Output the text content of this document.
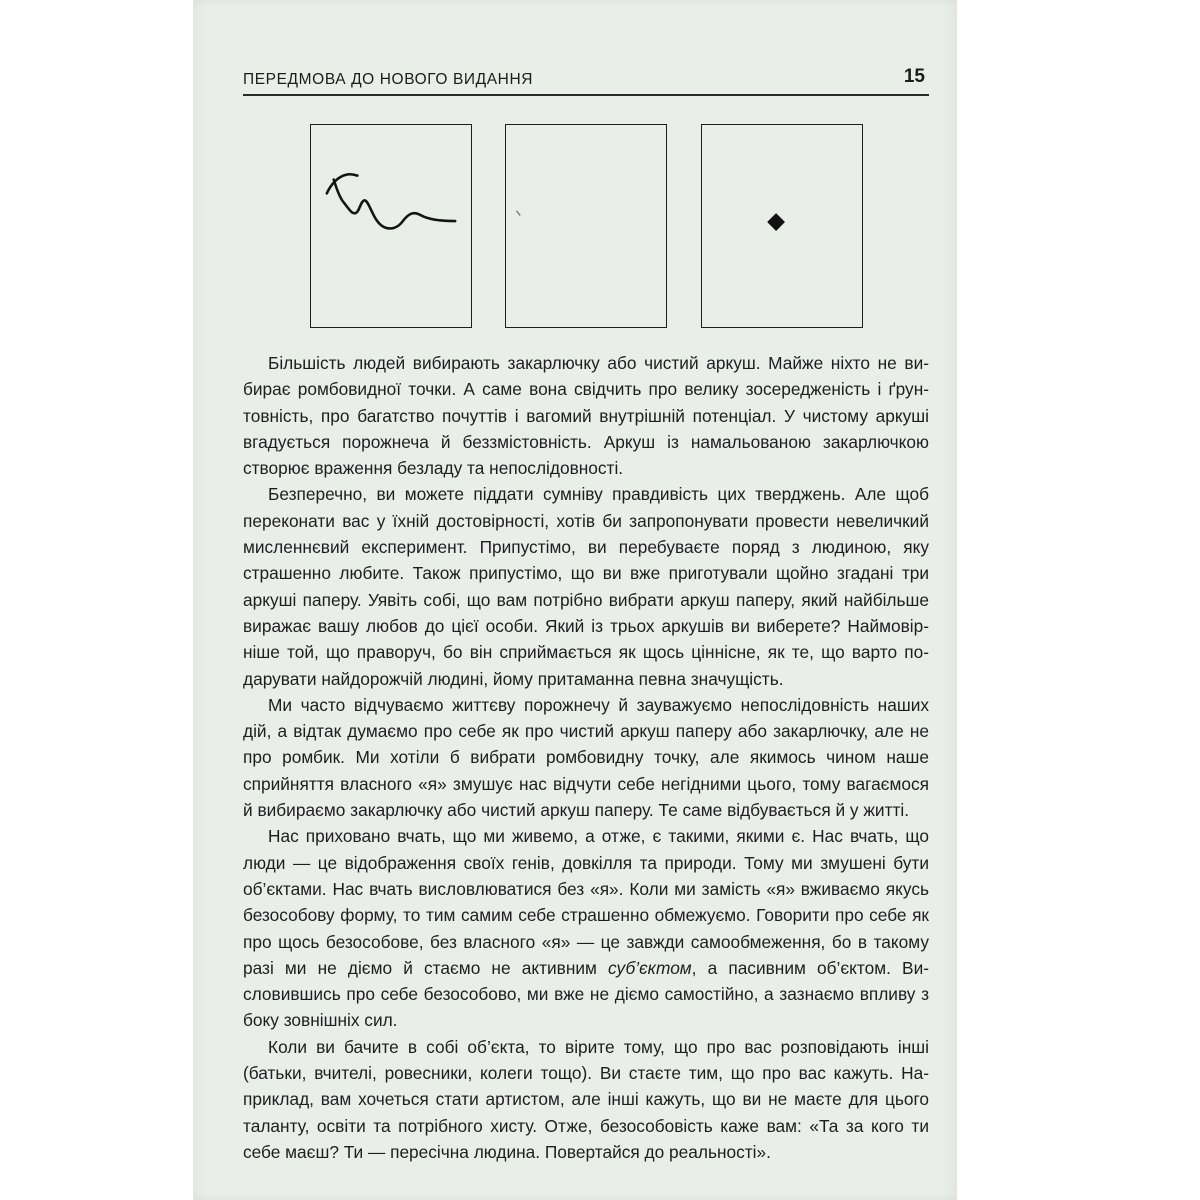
ПЕРЕДМОВА ДО НОВОГО ВИДАННЯ	15

Більшість людей вибирають закарлючку або чистий аркуш. Майже ніхто не вибирає ромбовидної точки. А саме вона свідчить про велику зосередженість і ґрунтовність, про багатство почуттів і вагомий внутрішній потенціал. У чистому аркуші вгадується порожнеча й беззмістовність. Аркуш із намальованою закарлючкою створює враження безладу та непослідовності.

Безперечно, ви можете піддати сумніву правдивість цих тверджень. Але щоб переконати вас у їхній достовірності, хотів би запропонувати провести невеличкий мисленнєвий експеримент. Припустімо, ви перебуваєте поряд з людиною, яку страшенно любите. Також припустімо, що ви вже приготували щойно згадані три аркуші паперу. Уявіть собі, що вам потрібно вибрати аркуш паперу, який найбільше виражає вашу любов до цієї особи. Який із трьох аркушів ви виберете? Наймовірніше той, що праворуч, бо він сприймається як щось цінніснe, як те, що варто подарувати найдорожчій людині, йому притаманна певна значущість.

Ми часто відчуваємо життєву порожнечу й зауважуємо непослідовність наших дій, а відтак думаємо про себе як про чистий аркуш паперу або закарлючку, але не про ромбик. Ми хотіли б вибрати ромбовидну точку, але якимось чином наше сприйняття власного «я» змушує нас відчути себе негідними цього, тому вагаємося й вибираємо закарлючку або чистий аркуш паперу. Те саме відбувається й у житті.

Нас приховано вчать, що ми живемо, а отже, є такими, якими є. Нас вчать, що люди — це відображення своїх генів, довкілля та природи. Тому ми змушені бути об’єктами. Нас вчать висловлюватися без «я». Коли ми замість «я» вживаємо якусь безособову форму, то тим самим себе страшенно обмежуємо. Говорити про себе як про щось безособове, без власного «я» — це завжди самообмеження, бо в такому разі ми не діємо й стаємо не активним суб’єктом, а пасивним об’єктом. Висловившись про себе безособово, ми вже не діємо самостійно, а зазнаємо впливу з боку зовнішніх сил.

Коли ви бачите в собі об’єкта, то вірите тому, що про вас розповідають інші (батьки, вчителі, ровесники, колеги тощо). Ви стаєте тим, що про вас кажуть. Наприклад, вам хочеться стати артистом, але інші кажуть, що ви не маєте для цього таланту, освіти та потрібного хисту. Отже, безособовість каже вам: «Та за кого ти себе маєш? Ти — пересічна людина. Повертайся до реальності».
